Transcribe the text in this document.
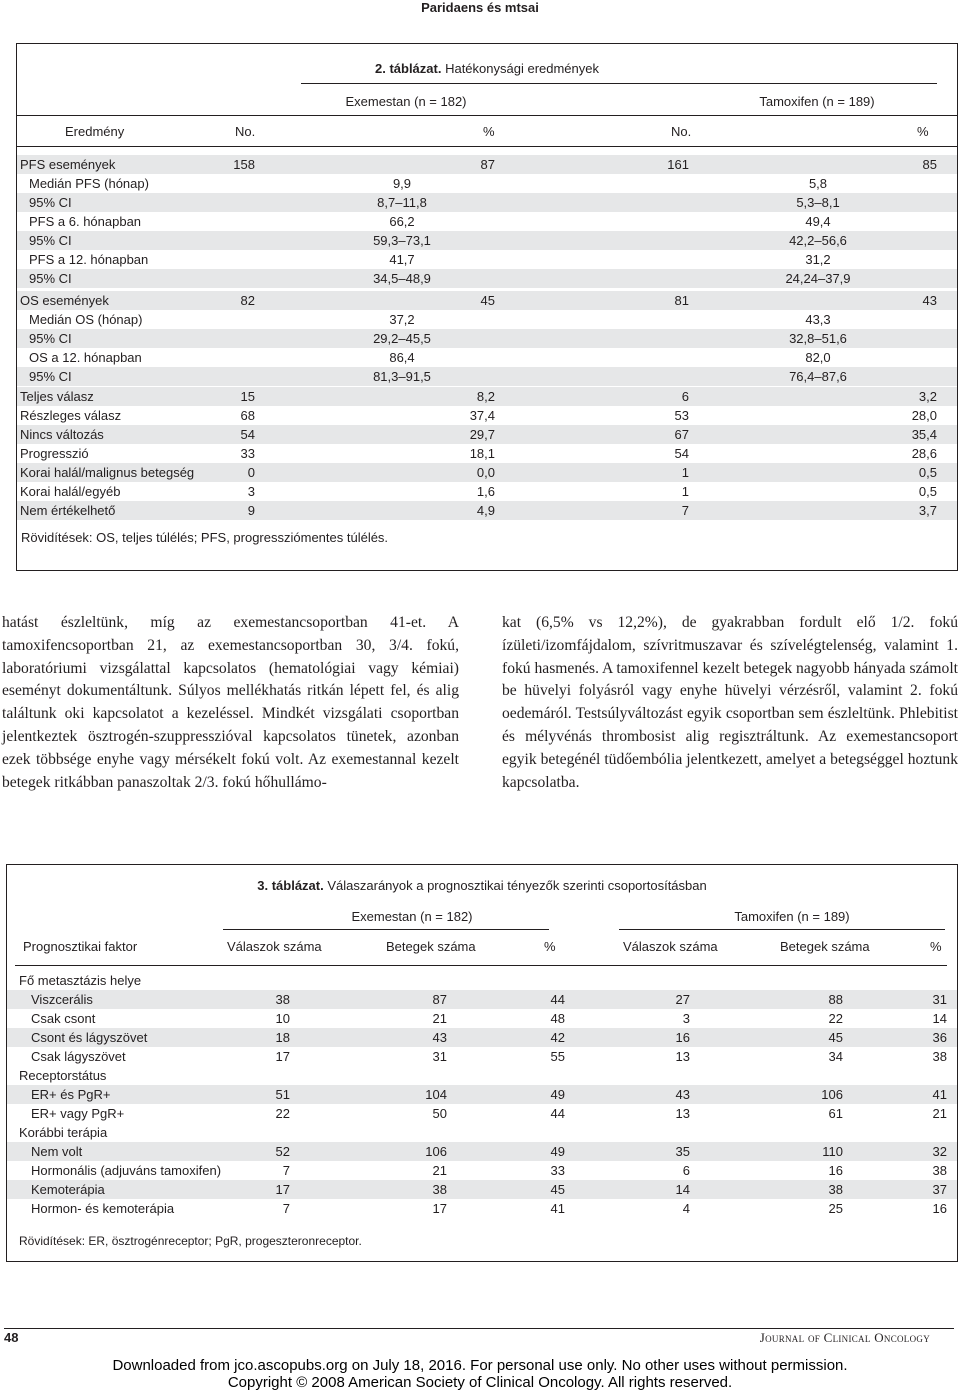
Paridaens és mtsai
2. táblázat. Hatékonysági eredmények
Exemestan (n = 182)	Tamoxifen (n = 189)
Eredmény	No.	%	No.	%
Rövidítések: OS, teljes túlélés; PFS, progressziómentes túlélés.
PFS események	158	87	161	85
Medián PFS (hónap)	9,9	5,8
95% CI	8,7–11,8	5,3–8,1
PFS a 6. hónapban	66,2	49,4
95% CI	59,3–73,1	42,2–56,6
PFS a 12. hónapban	41,7	31,2
95% CI	34,5–48,9	24,24–37,9
OS események	82	45	81	43
Medián OS (hónap)	37,2	43,3
95% CI	29,2–45,5	32,8–51,6
OS a 12. hónapban	86,4	82,0
95% CI	81,3–91,5	76,4–87,6
Teljes válasz	15	8,2	6	3,2
Részleges válasz	68	37,4	53	28,0
Nincs változás	54	29,7	67	35,4
Progresszió	33	18,1	54	28,6
Korai halál/malignus betegség	0	0,0	1	0,5
Korai halál/egyéb	3	1,6	1	0,5
Nem értékelhető	9	4,9	7	3,7

hatást észleltünk, míg az exemestancsoportban 41-et. A tamoxifencsoportban 21, az exemestancsoportban 30, 3/4. fokú, laboratóriumi vizsgálattal kapcsolatos (hematológiai vagy kémiai) eseményt dokumentáltunk. Súlyos mellékhatás ritkán lépett fel, és alig találtunk oki kapcsolatot a kezeléssel. Mindkét vizsgálati csoportban jelentkeztek ösztrogén-szuppresszióval kapcsolatos tünetek, azonban ezek többsége enyhe vagy mérsékelt fokú volt. Az exemestannal kezelt betegek ritkábban panaszoltak 2/3. fokú hőhullámo-

kat (6,5% vs 12,2%), de gyakrabban fordult elő 1/2. fokú ízületi/izomfájdalom, szívritmuszavar és szívelégtelenség, valamint 1. fokú hasmenés. A tamoxifennel kezelt betegek nagyobb hányada számolt be hüvelyi folyásról vagy enyhe hüvelyi vérzésről, valamint 2. fokú oedemáról. Testsúlyváltozást egyik csoportban sem észleltünk. Phlebitist és mélyvénás thrombosist alig regisztráltunk. Az exemestancsoport egyik betegénél tüdőembólia jelentkezett, amelyet a betegséggel hoztunk kapcsolatba.

3. táblázat. Válaszarányok a prognosztikai tényezők szerinti csoportosításban
Exemestan (n = 182)	Tamoxifen (n = 189)
Prognosztikai faktor	Válaszok száma	Betegek száma	%	Válaszok száma	Betegek száma	%
Rövidítések: ER, ösztrogénreceptor; PgR, progeszteronreceptor.
Fő metasztázis helye
Viszcerális	38	87	44	27	88	31
Csak csont	10	21	48	3	22	14
Csont és lágyszövet	18	43	42	16	45	36
Csak lágyszövet	17	31	55	13	34	38
Receptorstátus
ER+ és PgR+	51	104	49	43	106	41
ER+ vagy PgR+	22	50	44	13	61	21
Korábbi terápia
Nem volt	52	106	49	35	110	32
Hormonális (adjuváns tamoxifen)	7	21	33	6	16	38
Kemoterápia	17	38	45	14	38	37
Hormon- és kemoterápia	7	17	41	4	25	16
48	Journal of Clinical Oncology
Downloaded from jco.ascopubs.org on July 18, 2016. For personal use only. No other uses without permission.
Copyright © 2008 American Society of Clinical Oncology. All rights reserved.
